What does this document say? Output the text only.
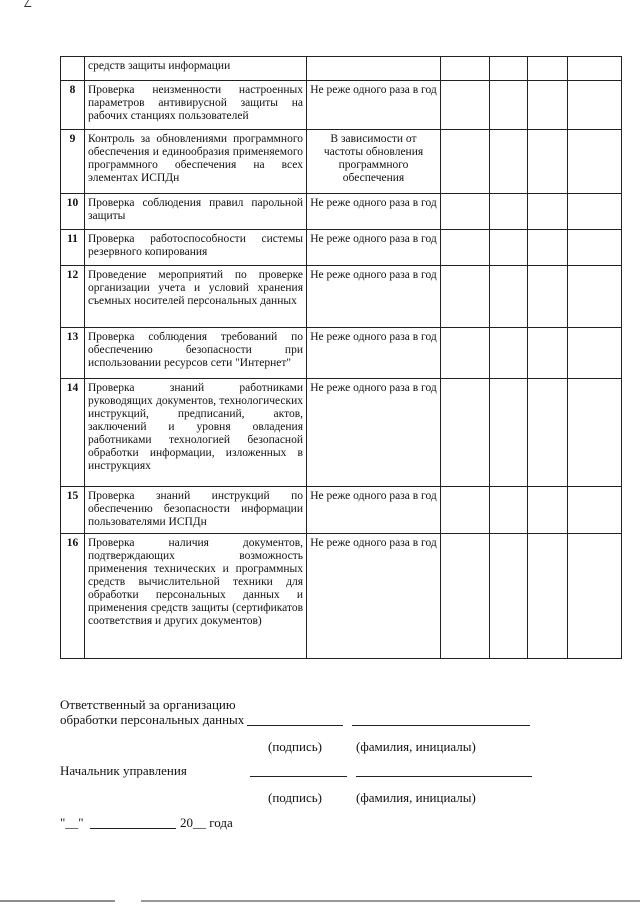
	средств защиты информации					
8	Проверка неизменности настроенных параметров антивирусной защиты на рабочих станциях пользователей	Не реже одного раза в год				
9	Контроль за обновлениями программного обеспечения и единообразия применяемого программного обеспечения на всех элементах ИСПДн	В зависимости от частоты обновления программного обеспечения				
10	Проверка соблюдения правил парольной защиты	Не реже одного раза в год				
11	Проверка работоспособности системы резервного копирования	Не реже одного раза в год				
12	Проведение мероприятий по проверке организации учета и условий хранения съемных носителей персональных данных	Не реже одного раза в год				
13	Проверка соблюдения требований по обеспечению безопасности при использовании ресурсов сети "Интернет"	Не реже одного раза в год				
14	Проверка знаний работниками руководящих документов, технологических инструкций, предписаний, актов, заключений и уровня овладения работниками технологией безопасной обработки информации, изложенных в инструкциях	Не реже одного раза в год				
15	Проверка знаний инструкций по обеспечению безопасности информации пользователями ИСПДн	Не реже одного раза в год				
16	Проверка наличия документов, подтверждающих возможность применения технических и программных средств вычислительной техники для обработки персональных данных и применения средств защиты (сертификатов соответствия и других документов)	Не реже одного раза в год				
Ответственный за организацию
обработки персональных данных
(подпись)	(фамилия, инициалы)
Начальник управления
(подпись)	(фамилия, инициалы)
"__"	20__ года
